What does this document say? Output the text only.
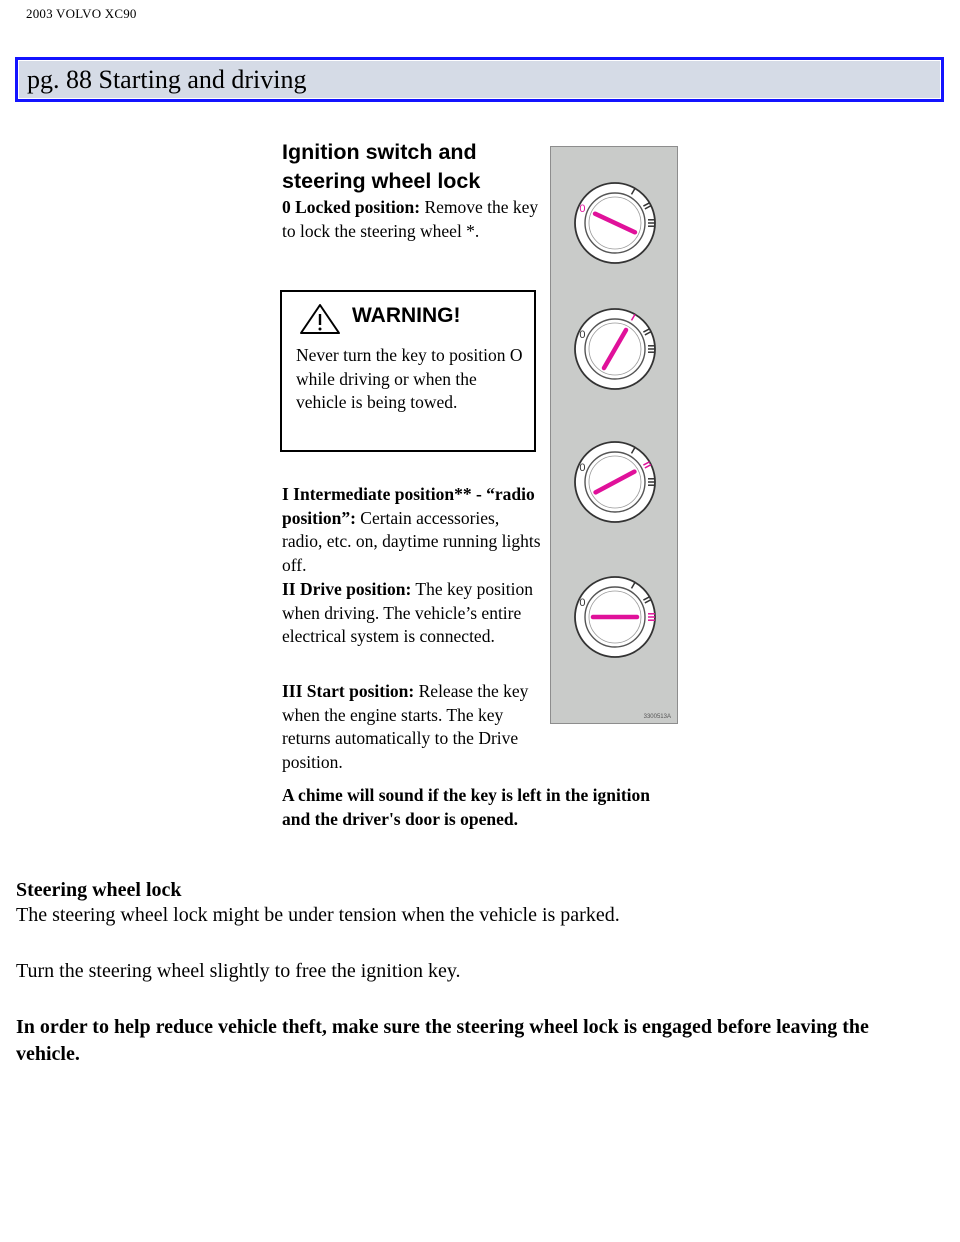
2003 VOLVO XC90
pg. 88 Starting and driving
Ignition switch and
steering wheel lock

0 Locked position: Remove the key to lock the steering wheel *.

WARNING!

Never turn the key to position O while driving or when the vehicle is being towed.

I Intermediate position** - “radio position”: Certain accessories, radio, etc. on, daytime running lights off.

II Drive position: The key position when driving. The vehicle’s entire electrical system is connected.

III Start position: Release the key when the engine starts. The key returns automatically to the Drive position.

A chime will sound if the key is left in the ignition and the driver's door is opened.

0
0
0
0
3300513A
Steering wheel lock

The steering wheel lock might be under tension when the vehicle is parked.

Turn the steering wheel slightly to free the ignition key.

In order to help reduce vehicle theft, make sure the steering wheel lock is engaged before leaving the vehicle.
